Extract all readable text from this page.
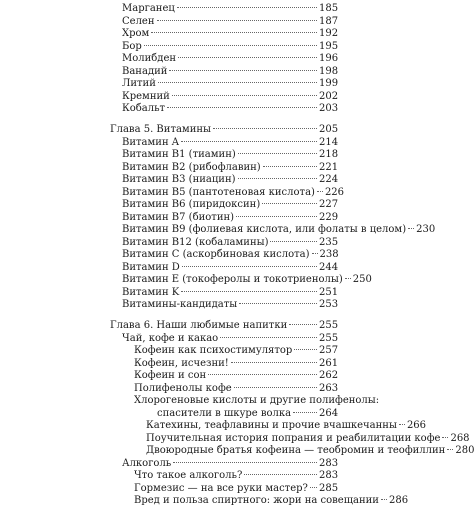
Марганец	185
Селен	187
Хром	192
Бор	195
Молибден	196
Ванадий	198
Литий	199
Кремний	202
Кобальт	203
Глава 5. Витамины	205
Витамин A	214
Витамин B1 (тиамин)	218
Витамин B2 (рибофлавин)	221
Витамин B3 (ниацин)	224
Витамин B5 (пантотеновая кислота) 226
Витамин B6 (пиридоксин)	227
Витамин B7 (биотин)	229
Витамин B9 (фолиевая кислота, или фолаты в целом) 230
Витамин B12 (кобаламины)	235
Витамин C (аскорбиновая кислота) 238
Витамин D	244
Витамин E (токоферолы и токотриенолы) 250
Витамин K	251
Витамины-кандидаты	253
Глава 6. Наши любимые напитки	255
Чай, кофе и какао	255
Кофеин как психостимулятор	257
Кофеин, исчезни!	261
Кофеин и сон	262
Полифенолы кофе	263
Хлорогеновые кислоты и другие полифенолы:
спасители в шкуре волка	264
Катехины, теафлавины и прочие вчашкечанны 266
Поучительная история попрания и реабилитации кофе 268
Двоюродные братья кофеина — теобромин и теофиллин 280
Алкоголь	283
Что такое алкоголь?	283
Гормезис — на все руки мастер? 285
Вред и польза спиртного: жори на совещании 286
